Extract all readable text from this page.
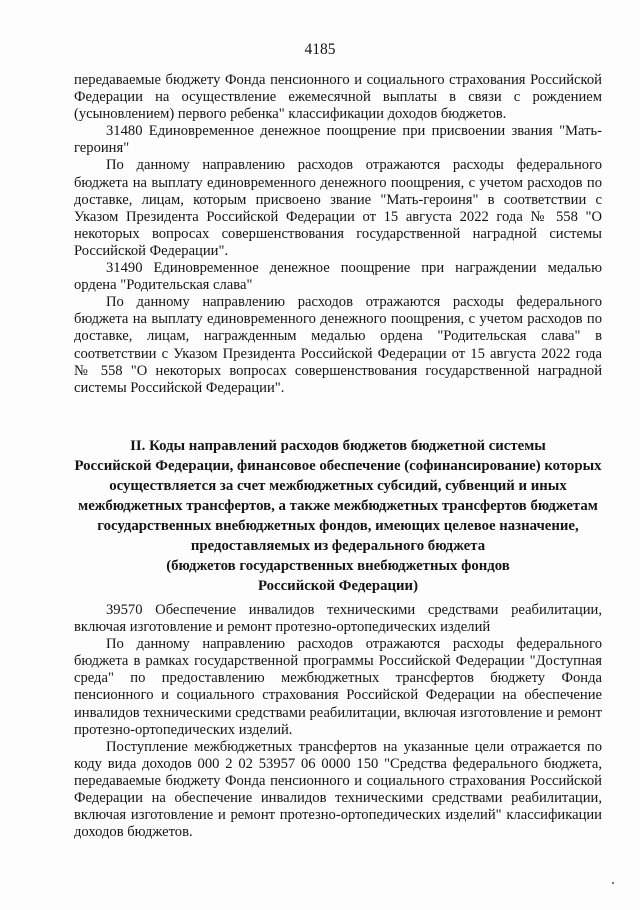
4185

передаваемые бюджету Фонда пенсионного и социального страхования Российской Федерации на осуществление ежемесячной выплаты в связи с рождением (усыновлением) первого ребенка" классификации доходов бюджетов.

31480 Единовременное денежное поощрение при присвоении звания "Мать-героиня"

По данному направлению расходов отражаются расходы федерального бюджета на выплату единовременного денежного поощрения, с учетом расходов по доставке, лицам, которым присвоено звание "Мать-героиня" в соответствии с Указом Президента Российской Федерации от 15 августа 2022 года № 558 "О некоторых вопросах совершенствования государственной наградной системы Российской Федерации".

31490 Единовременное денежное поощрение при награждении медалью ордена "Родительская слава"

По данному направлению расходов отражаются расходы федерального бюджета на выплату единовременного денежного поощрения, с учетом расходов по доставке, лицам, награжденным медалью ордена "Родительская слава" в соответствии с Указом Президента Российской Федерации от 15 августа 2022 года № 558 "О некоторых вопросах совершенствования государственной наградной системы Российской Федерации".

II. Коды направлений расходов бюджетов бюджетной системы
Российской Федерации, финансовое обеспечение (софинансирование) которых
осуществляется за счет межбюджетных субсидий, субвенций и иных
межбюджетных трансфертов, а также межбюджетных трансфертов бюджетам
государственных внебюджетных фондов, имеющих целевое назначение,
предоставляемых из федерального бюджета
(бюджетов государственных внебюджетных фондов
Российской Федерации)

39570 Обеспечение инвалидов техническими средствами реабилитации, включая изготовление и ремонт протезно-ортопедических изделий

По данному направлению расходов отражаются расходы федерального бюджета в рамках государственной программы Российской Федерации "Доступная среда" по предоставлению межбюджетных трансфертов бюджету Фонда пенсионного и социального страхования Российской Федерации на обеспечение инвалидов техническими средствами реабилитации, включая изготовление и ремонт протезно-ортопедических изделий.

Поступление межбюджетных трансфертов на указанные цели отражается по коду вида доходов 000 2 02 53957 06 0000 150 "Средства федерального бюджета, передаваемые бюджету Фонда пенсионного и социального страхования Российской Федерации на обеспечение инвалидов техническими средствами реабилитации, включая изготовление и ремонт протезно-ортопедических изделий" классификации доходов бюджетов.
